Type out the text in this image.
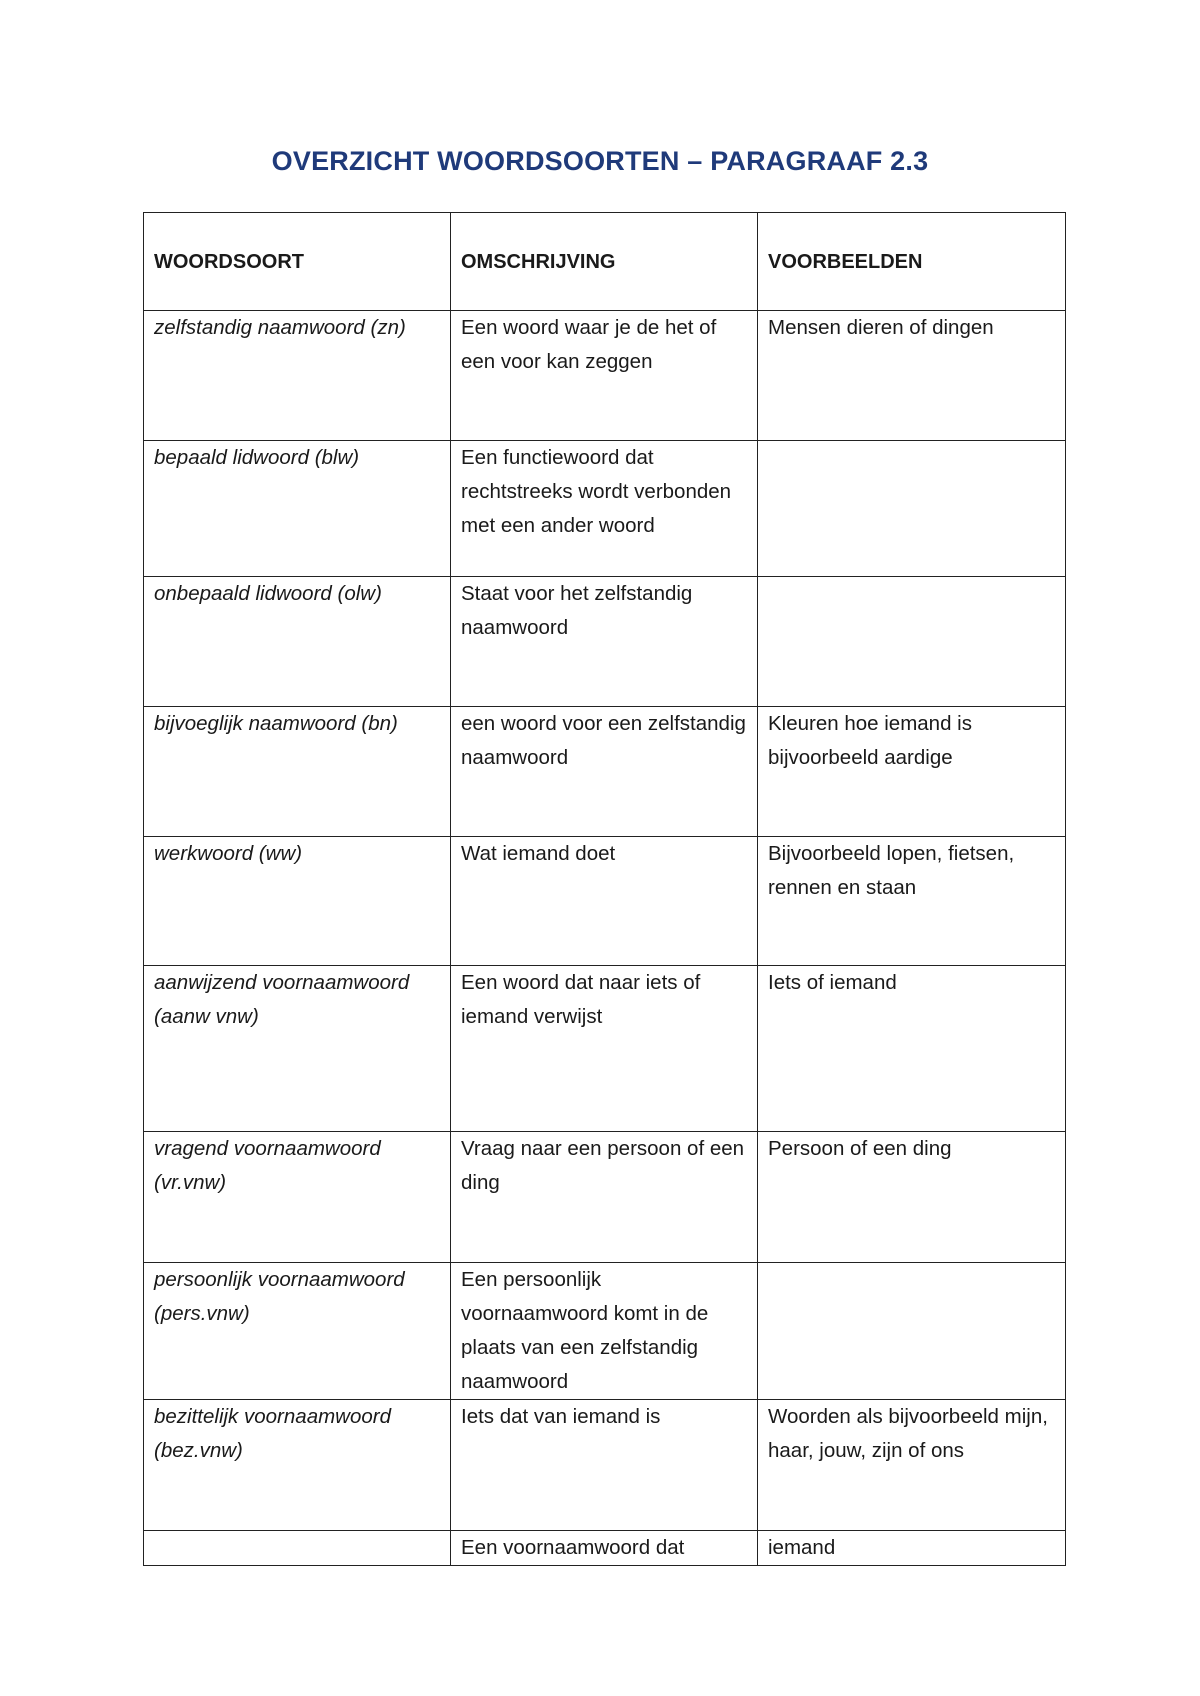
OVERZICHT WOORDSOORTEN – PARAGRAAF 2.3
WOORDSOORT	OMSCHRIJVING	VOORBEELDEN
zelfstandig naamwoord (zn)	Een woord waar je de het of een voor kan zeggen	Mensen dieren of dingen
bepaald lidwoord (blw)	Een functiewoord dat rechtstreeks wordt verbonden met een ander woord	
onbepaald lidwoord (olw)	Staat voor het zelfstandig naamwoord	
bijvoeglijk naamwoord (bn)	een woord voor een zelfstandig naamwoord	Kleuren hoe iemand is bijvoorbeeld aardige
werkwoord (ww)	Wat iemand doet	Bijvoorbeeld lopen, fietsen, rennen en staan
aanwijzend voornaamwoord (aanw vnw)	Een woord dat naar iets of iemand verwijst	Iets of iemand
vragend voornaamwoord (vr.vnw)	Vraag naar een persoon of een ding	Persoon of een ding
persoonlijk voornaamwoord (pers.vnw)	Een persoonlijk voornaamwoord komt in de plaats van een zelfstandig naamwoord	
bezittelijk voornaamwoord (bez.vnw)	Iets dat van iemand is	Woorden als bijvoorbeeld mijn, haar, jouw, zijn of ons
	Een voornaamwoord dat	iemand
